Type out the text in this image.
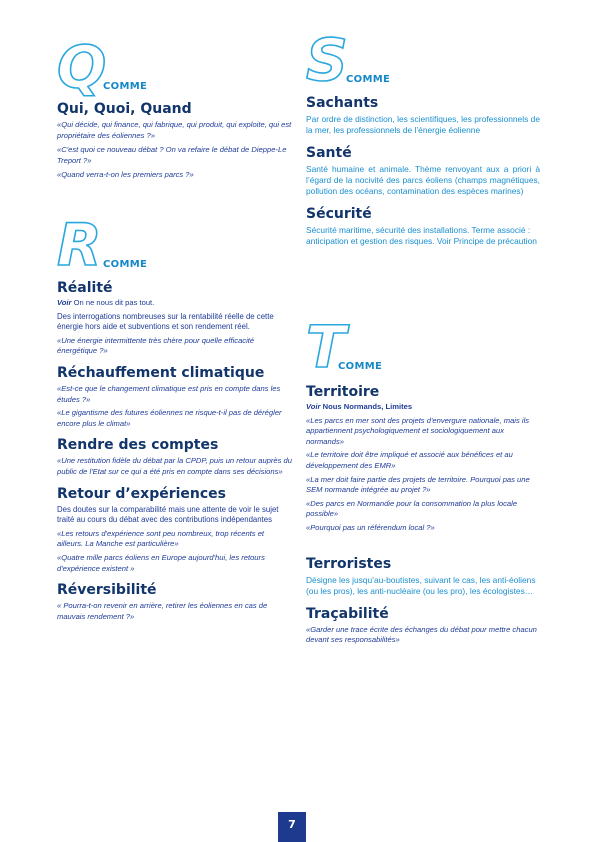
Q
COMME
Qui, Quoi, Quand

«Qui décide, qui finance, qui fabrique, qui produit, qui exploite, qui est propriétaire des éoliennes ?»

«C'est quoi ce nouveau débat ? On va refaire le débat de Dieppe-Le Treport ?»

«Quand verra-t-on les premiers parcs ?»

R COMME
Réalité

Voir On ne nous dit pas tout.

Des interrogations nombreuses sur la rentabilité réelle de cette énergie hors aide et subventions et son rendement réel.

«Une énergie intermittente très chère pour quelle efficacité énergétique ?»

Réchauffement climatique

«Est-ce que le changement climatique est pris en compte dans les études ?»

«Le gigantisme des futures éoliennes ne risque-t-il pas de dérégler encore plus le climat»

Rendre des comptes

«Une restitution fidèle du débat par la CPDP, puis un retour auprès du public de l'Etat sur ce qui a été pris en compte dans ses décisions»

Retour d’expériences

Des doutes sur la comparabilité mais une attente de voir le sujet traité au cours du débat avec des contributions indépendantes

«Les retours d'expérience sont peu nombreux, trop récents et ailleurs. La Manche est particulière»

«Quatre mille parcs éoliens en Europe aujourd'hui, les retours d'expérience existent »

Réversibilité

« Pourra-t-on revenir en arrière, retirer les éoliennes en cas de mauvais rendement ?»

S
COMME
Sachants

Par ordre de distinction, les scientifiques, les professionnels de la mer, les professionnels de l’énergie éolienne

Santé

Santé humaine et animale. Thème renvoyant aux a priori à l’égard de la nocivité des parcs éoliens (champs magnétiques, pollution des océans, contamination des espèces marines)

Sécurité

Sécurité maritime, sécurité des installations. Terme associé : anticipation et gestion des risques. Voir Principe de précaution

T
COMME
Territoire

Voir Nous Normands, Limites

«Les parcs en mer sont des projets d'envergure nationale, mais ils appartiennent psychologiquement et sociologiquement aux normands»

«Le territoire doit être impliqué et associé aux bénéfices et au développement des EMR»

«La mer doit faire partie des projets de territoire. Pourquoi pas une SEM normande intégrée au projet ?»

«Des parcs en Normandie pour la consommation la plus locale possible»

«Pourquoi pas un référendum local ?»

Terroristes

Désigne les jusqu’au-boutistes, suivant le cas, les anti-éoliens (ou les pros), les anti-nucléaire (ou les pro), les écologistes…

Traçabilité

«Garder une trace écrite des échanges du débat pour mettre chacun devant ses responsabilités»

7
